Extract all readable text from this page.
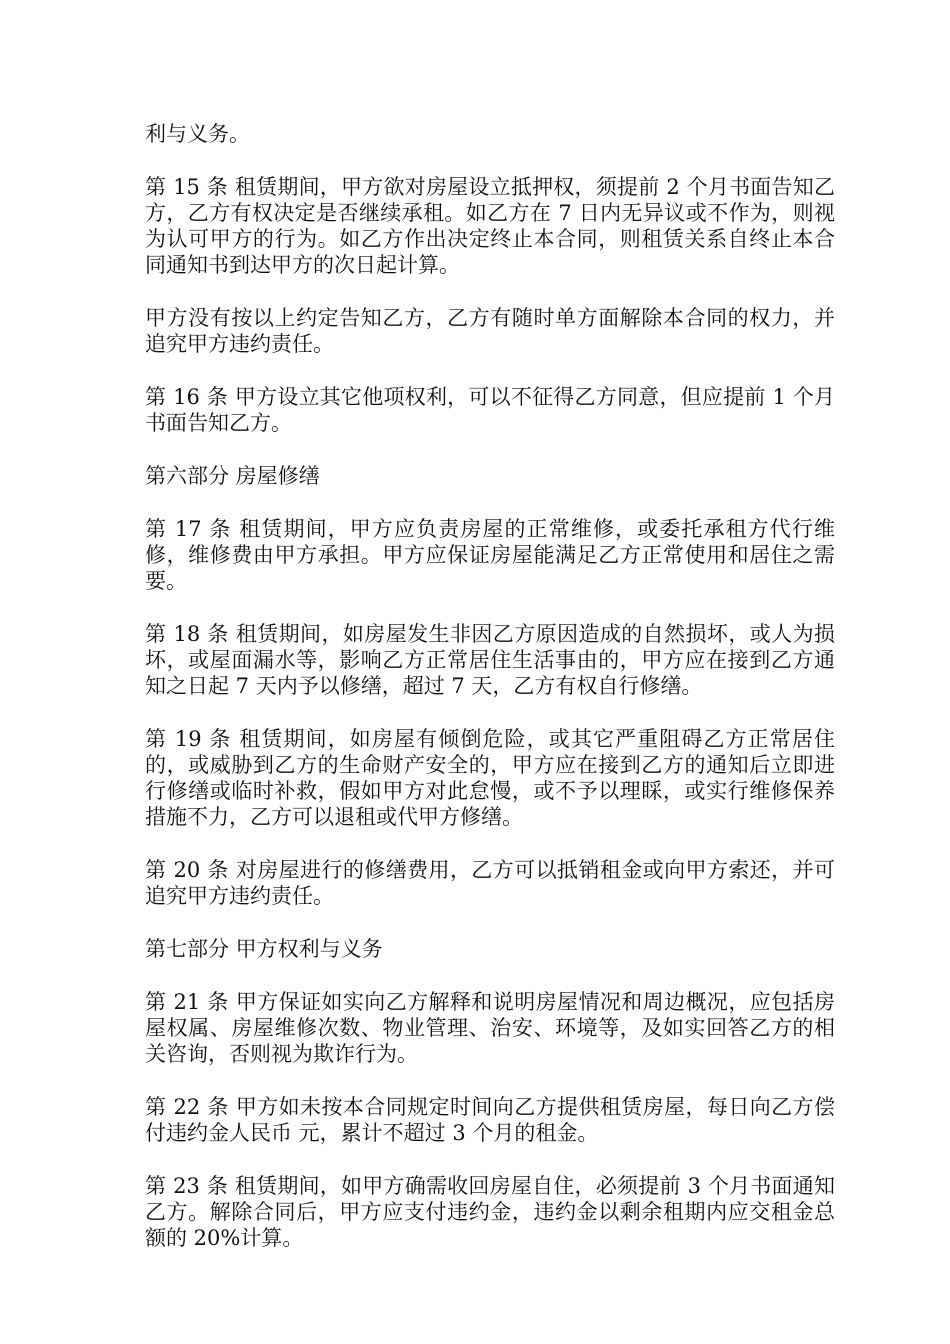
利与义务。

第 15 条 租赁期间，甲方欲对房屋设立抵押权，须提前 2 个月书面告知乙方，乙方有权决定是否继续承租。如乙方在 7 日内无异议或不作为，则视为认可甲方的行为。如乙方作出决定终止本合同，则租赁关系自终止本合同通知书到达甲方的次日起计算。

甲方没有按以上约定告知乙方，乙方有随时单方面解除本合同的权力，并追究甲方违约责任。

第 16 条 甲方设立其它他项权利，可以不征得乙方同意，但应提前 1 个月书面告知乙方。

第六部分 房屋修缮

第 17 条 租赁期间，甲方应负责房屋的正常维修，或委托承租方代行维修，维修费由甲方承担。甲方应保证房屋能满足乙方正常使用和居住之需要。

第 18 条 租赁期间，如房屋发生非因乙方原因造成的自然损坏，或人为损坏，或屋面漏水等，影响乙方正常居住生活事由的，甲方应在接到乙方通知之日起 7 天内予以修缮，超过 7 天，乙方有权自行修缮。

第 19 条 租赁期间，如房屋有倾倒危险，或其它严重阻碍乙方正常居住的，或威胁到乙方的生命财产安全的，甲方应在接到乙方的通知后立即进行修缮或临时补救，假如甲方对此怠慢，或不予以理睬，或实行维修保养措施不力，乙方可以退租或代甲方修缮。

第 20 条 对房屋进行的修缮费用，乙方可以抵销租金或向甲方索还，并可追究甲方违约责任。

第七部分 甲方权利与义务

第 21 条 甲方保证如实向乙方解释和说明房屋情况和周边概况，应包括房屋权属、房屋维修次数、物业管理、治安、环境等，及如实回答乙方的相关咨询，否则视为欺诈行为。

第 22 条 甲方如未按本合同规定时间向乙方提供租赁房屋，每日向乙方偿付违约金人民币 元，累计不超过 3 个月的租金。

第 23 条 租赁期间，如甲方确需收回房屋自住，必须提前 3 个月书面通知乙方。解除合同后，甲方应支付违约金，违约金以剩余租期内应交租金总额的 20%计算。
